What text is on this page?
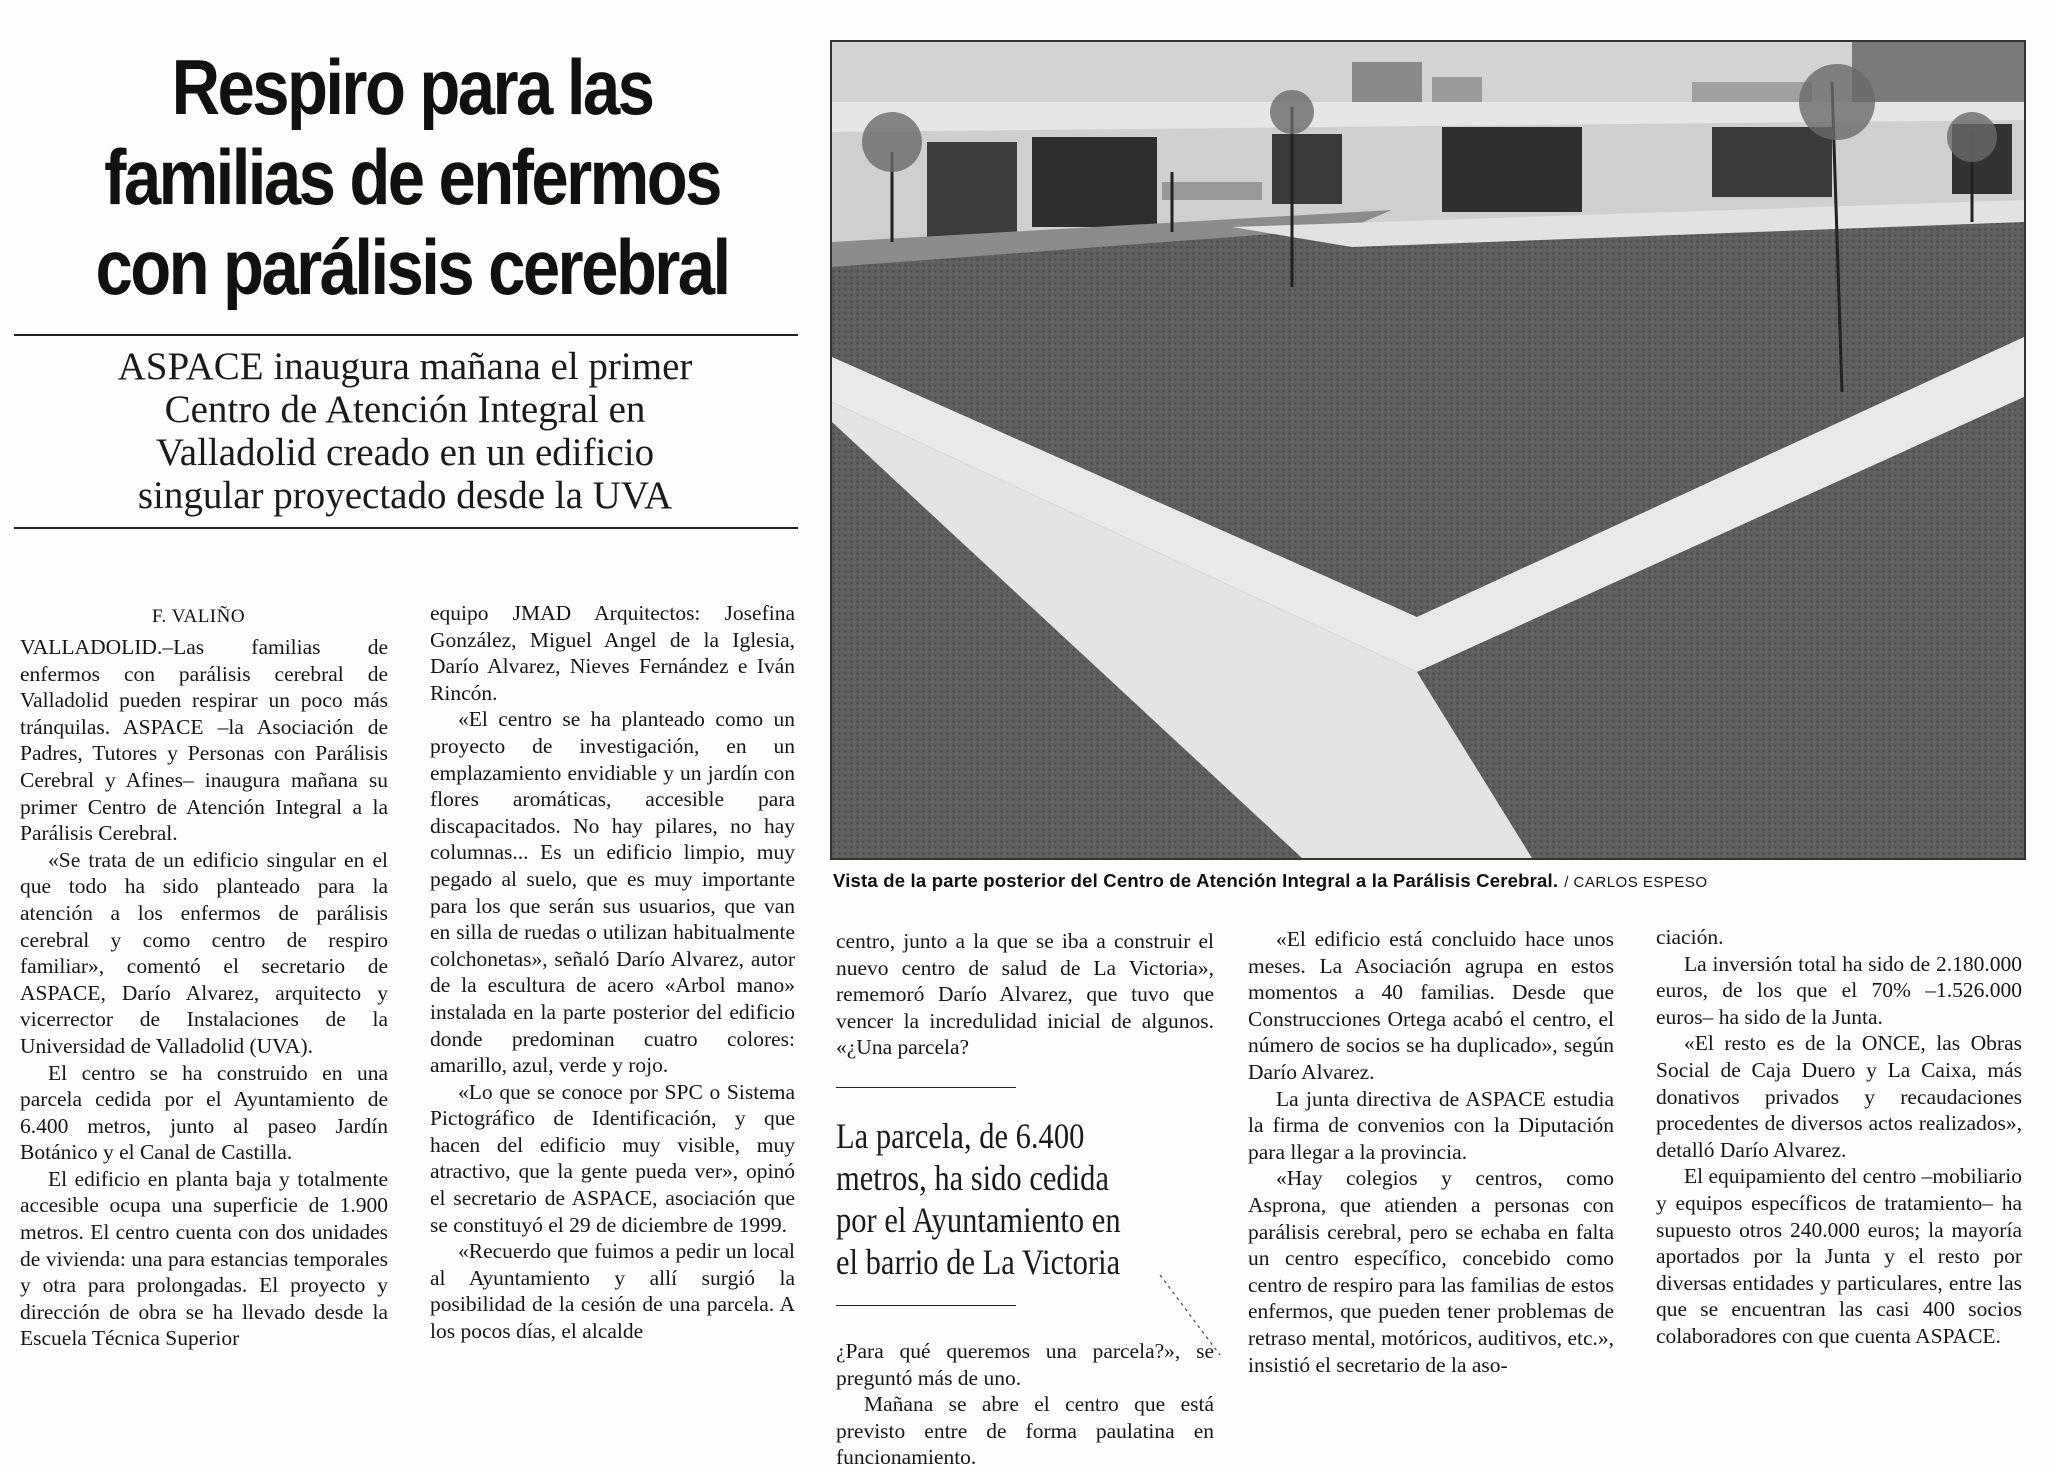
Respiro para las
familias de enfermos
con parálisis cerebral
ASPACE inaugura mañana el primer
Centro de Atención Integral en
Valladolid creado en un edificio
singular proyectado desde la UVA
F. VALIÑO

VALLADOLID.–Las familias de enfermos con parálisis cerebral de Valladolid pueden respirar un poco más tránquilas. ASPACE –la Asociación de Padres, Tutores y Personas con Parálisis Cerebral y Afines– inaugura mañana su primer Centro de Atención Integral a la Parálisis Cerebral.

«Se trata de un edificio singular en el que todo ha sido planteado para la atención a los enfermos de parálisis cerebral y como centro de respiro familiar», comentó el secretario de ASPACE, Darío Alvarez, arquitecto y vicerrector de Instalaciones de la Universidad de Valladolid (UVA).

El centro se ha construido en una parcela cedida por el Ayuntamiento de 6.400 metros, junto al paseo Jardín Botánico y el Canal de Castilla.

El edificio en planta baja y totalmente accesible ocupa una superficie de 1.900 metros. El centro cuenta con dos unidades de vivienda: una para estancias temporales y otra para prolongadas. El proyecto y dirección de obra se ha llevado desde la Escuela Técnica Superior

equipo JMAD Arquitectos: Josefina González, Miguel Angel de la Iglesia, Darío Alvarez, Nieves Fernández e Iván Rincón.

«El centro se ha planteado como un proyecto de investigación, en un emplazamiento envidiable y un jardín con flores aromáticas, accesible para discapacitados. No hay pilares, no hay columnas... Es un edificio limpio, muy pegado al suelo, que es muy importante para los que serán sus usuarios, que van en silla de ruedas o utilizan habitualmente colchonetas», señaló Darío Alvarez, autor de la escultura de acero «Arbol mano» instalada en la parte posterior del edificio donde predominan cuatro colores: amarillo, azul, verde y rojo.

«Lo que se conoce por SPC o Sistema Pictográfico de Identificación, y que hacen del edificio muy visible, muy atractivo, que la gente pueda ver», opinó el secretario de ASPACE, asociación que se constituyó el 29 de diciembre de 1999.

«Recuerdo que fuimos a pedir un local al Ayuntamiento y allí surgió la posibilidad de la cesión de una parcela. A los pocos días, el alcalde

Vista de la parte posterior del Centro de Atención Integral a la Parálisis Cerebral. / CARLOS ESPESO

centro, junto a la que se iba a construir el nuevo centro de salud de La Victoria», rememoró Darío Alvarez, que tuvo que vencer la incredulidad inicial de algunos. «¿Una parcela?

La parcela, de 6.400 metros, ha sido cedida por el Ayuntamiento en el barrio de La Victoria

¿Para qué queremos una parcela?», se preguntó más de uno.

Mañana se abre el centro que está previsto entre de forma paulatina en funcionamiento.

«El edificio está concluido hace unos meses. La Asociación agrupa en estos momentos a 40 familias. Desde que Construcciones Ortega acabó el centro, el número de socios se ha duplicado», según Darío Alvarez.

La junta directiva de ASPACE estudia la firma de convenios con la Diputación para llegar a la provincia.

«Hay colegios y centros, como Asprona, que atienden a personas con parálisis cerebral, pero se echaba en falta un centro específico, concebido como centro de respiro para las familias de estos enfermos, que pueden tener problemas de retraso mental, motóricos, auditivos, etc.», insistió el secretario de la aso-

ciación.

La inversión total ha sido de 2.180.000 euros, de los que el 70% –1.526.000 euros– ha sido de la Junta.

«El resto es de la ONCE, las Obras Social de Caja Duero y La Caixa, más donativos privados y recaudaciones procedentes de diversos actos realizados», detalló Darío Alvarez.

El equipamiento del centro –mobiliario y equipos específicos de tratamiento– ha supuesto otros 240.000 euros; la mayoría aportados por la Junta y el resto por diversas entidades y particulares, entre las que se encuentran las casi 400 socios colaboradores con que cuenta ASPACE.
